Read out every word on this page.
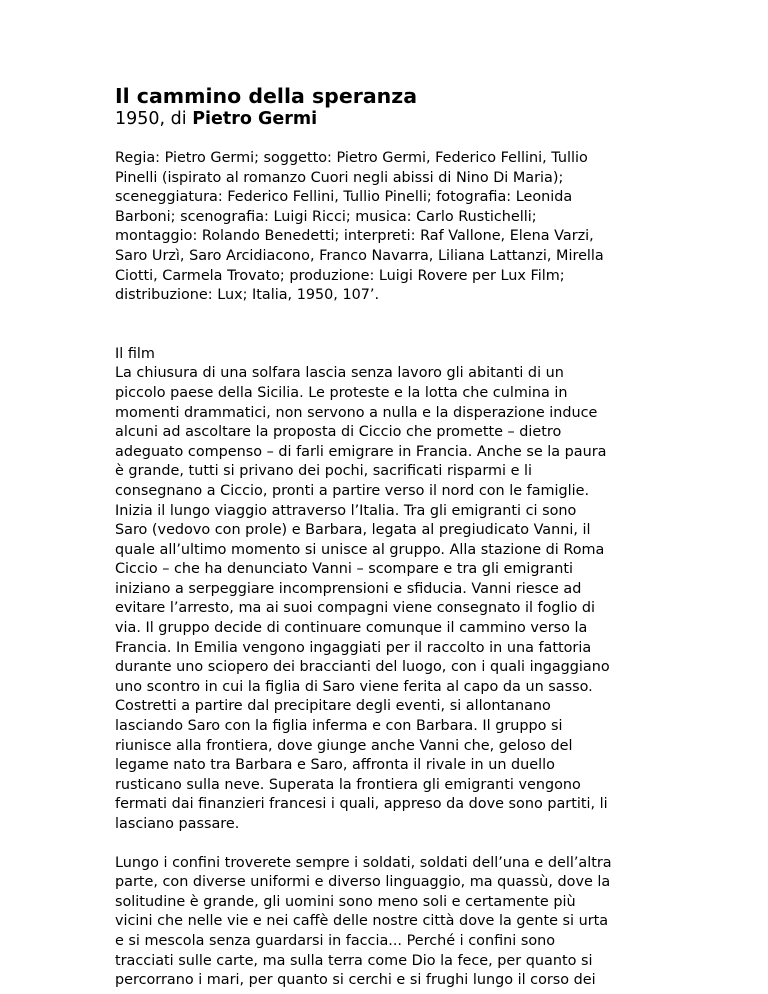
Il cammino della speranza
1950, di Pietro Germi
Regia: Pietro Germi; soggetto: Pietro Germi, Federico Fellini, Tullio
Pinelli (ispirato al romanzo Cuori negli abissi di Nino Di Maria);
sceneggiatura: Federico Fellini, Tullio Pinelli; fotografia: Leonida
Barboni; scenografia: Luigi Ricci; musica: Carlo Rustichelli;
montaggio: Rolando Benedetti; interpreti: Raf Vallone, Elena Varzi,
Saro Urzì, Saro Arcidiacono, Franco Navarra, Liliana Lattanzi, Mirella
Ciotti, Carmela Trovato; produzione: Luigi Rovere per Lux Film;
distribuzione: Lux; Italia, 1950, 107’.
Il film
La chiusura di una solfara lascia senza lavoro gli abitanti di un
piccolo paese della Sicilia. Le proteste e la lotta che culmina in
momenti drammatici, non servono a nulla e la disperazione induce
alcuni ad ascoltare la proposta di Ciccio che promette – dietro
adeguato compenso – di farli emigrare in Francia. Anche se la paura
è grande, tutti si privano dei pochi, sacrificati risparmi e li
consegnano a Ciccio, pronti a partire verso il nord con le famiglie.
Inizia il lungo viaggio attraverso l’Italia. Tra gli emigranti ci sono
Saro (vedovo con prole) e Barbara, legata al pregiudicato Vanni, il
quale all’ultimo momento si unisce al gruppo. Alla stazione di Roma
Ciccio – che ha denunciato Vanni – scompare e tra gli emigranti
iniziano a serpeggiare incomprensioni e sfiducia. Vanni riesce ad
evitare l’arresto, ma ai suoi compagni viene consegnato il foglio di
via. Il gruppo decide di continuare comunque il cammino verso la
Francia. In Emilia vengono ingaggiati per il raccolto in una fattoria
durante uno sciopero dei braccianti del luogo, con i quali ingaggiano
uno scontro in cui la figlia di Saro viene ferita al capo da un sasso.
Costretti a partire dal precipitare degli eventi, si allontanano
lasciando Saro con la figlia inferma e con Barbara. Il gruppo si
riunisce alla frontiera, dove giunge anche Vanni che, geloso del
legame nato tra Barbara e Saro, affronta il rivale in un duello
rusticano sulla neve. Superata la frontiera gli emigranti vengono
fermati dai finanzieri francesi i quali, appreso da dove sono partiti, li
lasciano passare.
Lungo i confini troverete sempre i soldati, soldati dell’una e dell’altra
parte, con diverse uniformi e diverso linguaggio, ma quassù, dove la
solitudine è grande, gli uomini sono meno soli e certamente più
vicini che nelle vie e nei caffè delle nostre città dove la gente si urta
e si mescola senza guardarsi in faccia... Perché i confini sono
tracciati sulle carte, ma sulla terra come Dio la fece, per quanto si
percorrano i mari, per quanto si cerchi e si frughi lungo il corso dei
